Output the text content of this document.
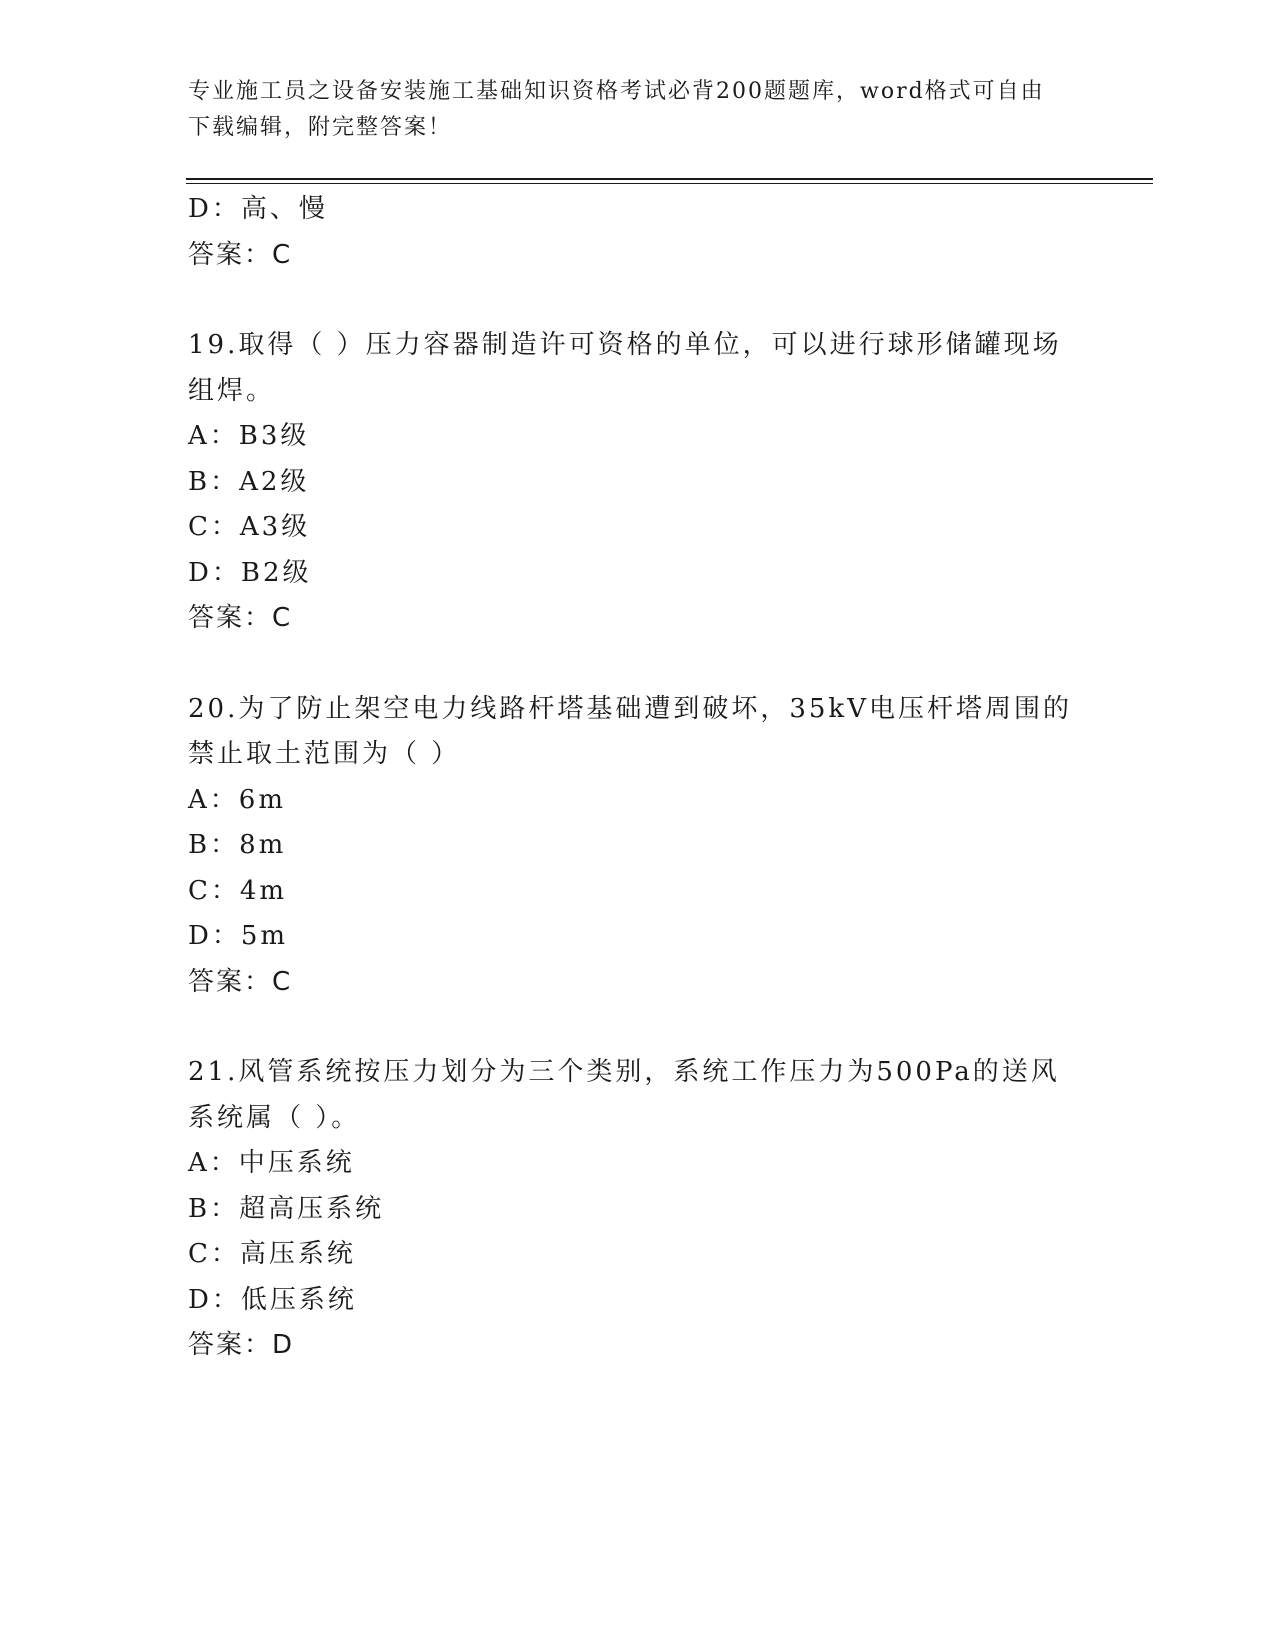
专业施工员之设备安装施工基础知识资格考试必背200题题库，word格式可自由下载编辑，附完整答案！
D：高、慢
答案：C
19.取得（ ）压力容器制造许可资格的单位，可以进行球形储罐现场组焊。
A：B3级
B：A2级
C：A3级
D：B2级
答案：C
20.为了防止架空电力线路杆塔基础遭到破坏，35kV电压杆塔周围的禁止取土范围为（ ）
A：6m
B：8m
C：4m
D：5m
答案：C
21.风管系统按压力划分为三个类别，系统工作压力为500Pa的送风系统属（ ）。
A：中压系统
B：超高压系统
C：高压系统
D：低压系统
答案：D
